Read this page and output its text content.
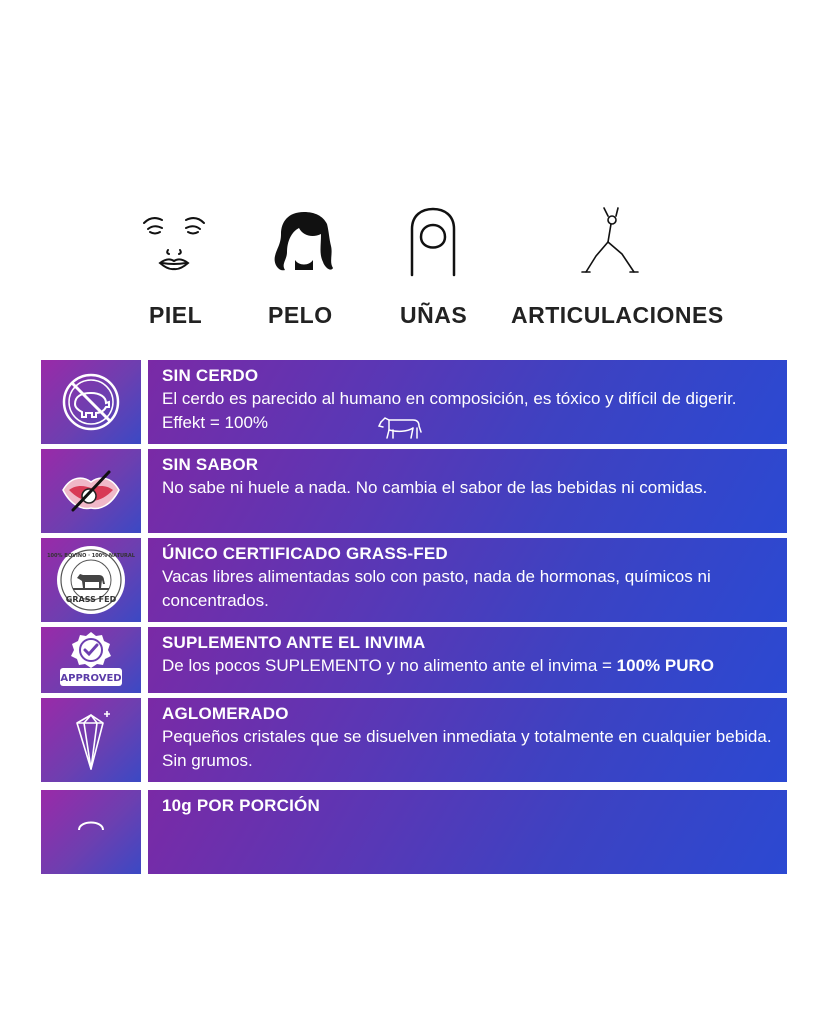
PIEL	PELO	UÑAS ARTICULACIONES
SIN CERDO
El cerdo es parecido al humano en composición, es tóxico y difícil de digerir. Effekt = 100%
SIN SABOR
No sabe ni huele a nada. No cambia el sabor de las bebidas ni comidas.
100% BOVINO · 100% NATURAL
GRASS FED
ÚNICO CERTIFICADO GRASS-FED
Vacas libres alimentadas solo con pasto, nada de hormonas, químicos ni concentrados.
APPROVED
SUPLEMENTO ANTE EL INVIMA
De los pocos SUPLEMENTO y no alimento ante el invima = 100% PURO
AGLOMERADO
Pequeños cristales que se disuelven inmediata y totalmente en cualquier bebida. Sin grumos.
10g POR PORCIÓN
